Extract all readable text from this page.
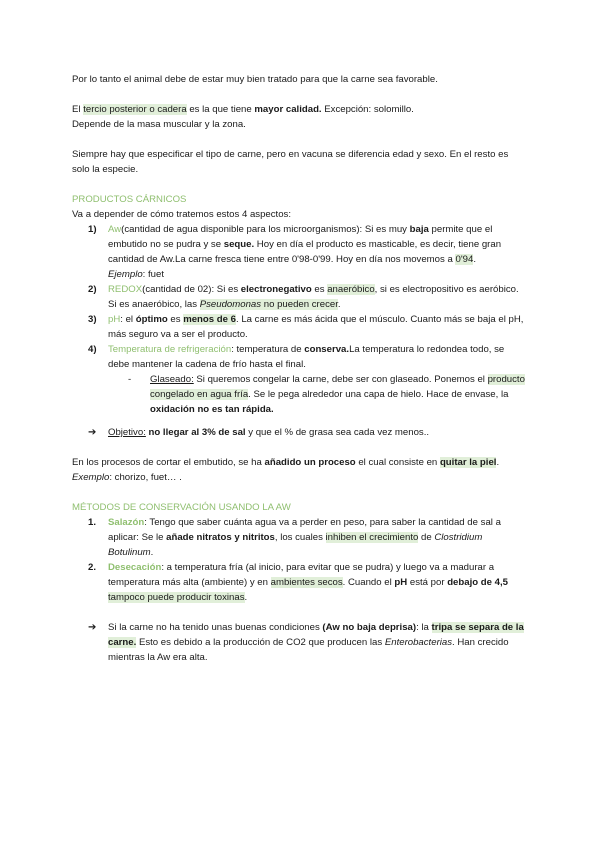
Por lo tanto el animal debe de estar muy bien tratado para que la carne sea favorable.

El tercio posterior o cadera es la que tiene mayor calidad. Excepción: solomillo.

Depende de la masa muscular y la zona.

Siempre hay que especificar el tipo de carne, pero en vacuna se diferencia edad y sexo. En el resto es solo la especie.

PRODUCTOS CÁRNICOS

Va a depender de cómo tratemos estos 4 aspectos:

1) Aw(cantidad de agua disponible para los microorganismos): Si es muy baja permite que el embutido no se pudra y se seque. Hoy en día el producto es masticable, es decir, tiene gran cantidad de Aw.La carne fresca tiene entre 0'98-0'99. Hoy en día nos movemos a 0'94.
Ejemplo: fuet
2) REDOX(cantidad de 02): Si es electronegativo es anaeróbico, si es electropositivo es aeróbico. Si es anaeróbico, las Pseudomonas no pueden crecer.
3) pH: el óptimo es menos de 6. La carne es más ácida que el músculo. Cuanto más se baja el pH, más seguro va a ser el producto.
4) Temperatura de refrigeración: temperatura de conserva.La temperatura lo redondea todo, se debe mantener la cadena de frío hasta el final.
- Glaseado: Si queremos congelar la carne, debe ser con glaseado. Ponemos el producto congelado en agua fría. Se le pega alrededor una capa de hielo. Hace de envase, la oxidación no es tan rápida.
➔ Objetivo: no llegar al 3% de sal y que el % de grasa sea cada vez menos..

En los procesos de cortar el embutido, se ha añadido un proceso el cual consiste en quitar la piel.

Exemplo: chorizo, fuet… .

MÉTODOS DE CONSERVACIÓN USANDO LA AW

1. Salazón: Tengo que saber cuánta agua va a perder en peso, para saber la cantidad de sal a aplicar: Se le añade nitratos y nitritos, los cuales inhiben el crecimiento de Clostridium Botulinum.
2. Desecación: a temperatura fría (al inicio, para evitar que se pudra) y luego va a madurar a temperatura más alta (ambiente) y en ambientes secos. Cuando el pH está por debajo de 4,5 tampoco puede producir toxinas.
➔ Si la carne no ha tenido unas buenas condiciones (Aw no baja deprisa): la tripa se separa de la carne. Esto es debido a la producción de CO2 que producen las Enterobacterias. Han crecido mientras la Aw era alta.
